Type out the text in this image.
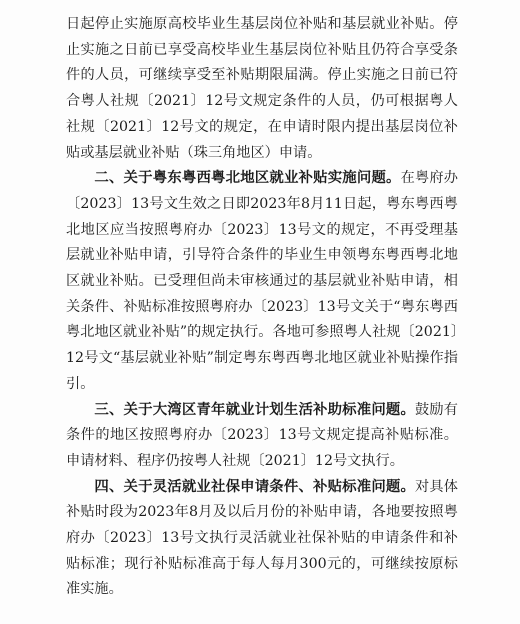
日起停止实施原高校毕业生基层岗位补贴和基层就业补贴。停止实施之日前已享受高校毕业生基层岗位补贴且仍符合享受条件的人员，可继续享受至补贴期限届满。停止实施之日前已符合粤人社规〔2021〕12号文规定条件的人员，仍可根据粤人社规〔2021〕12号文的规定，在申请时限内提出基层岗位补贴或基层就业补贴（珠三角地区）申请。

二、关于粤东粤西粤北地区就业补贴实施问题。在粤府办〔2023〕13号文生效之日即2023年8月11日起，粤东粤西粤北地区应当按照粤府办〔2023〕13号文的规定，不再受理基层就业补贴申请，引导符合条件的毕业生申领粤东粤西粤北地区就业补贴。已受理但尚未审核通过的基层就业补贴申请，相关条件、补贴标准按照粤府办〔2023〕13号文关于“粤东粤西粤北地区就业补贴”的规定执行。各地可参照粤人社规〔2021〕12号文“基层就业补贴”制定粤东粤西粤北地区就业补贴操作指引。

三、关于大湾区青年就业计划生活补助标准问题。鼓励有条件的地区按照粤府办〔2023〕13号文规定提高补贴标准。申请材料、程序仍按粤人社规〔2021〕12号文执行。

四、关于灵活就业社保申请条件、补贴标准问题。对具体补贴时段为2023年8月及以后月份的补贴申请，各地要按照粤府办〔2023〕13号文执行灵活就业社保补贴的申请条件和补贴标准；现行补贴标准高于每人每月300元的，可继续按原标准实施。
